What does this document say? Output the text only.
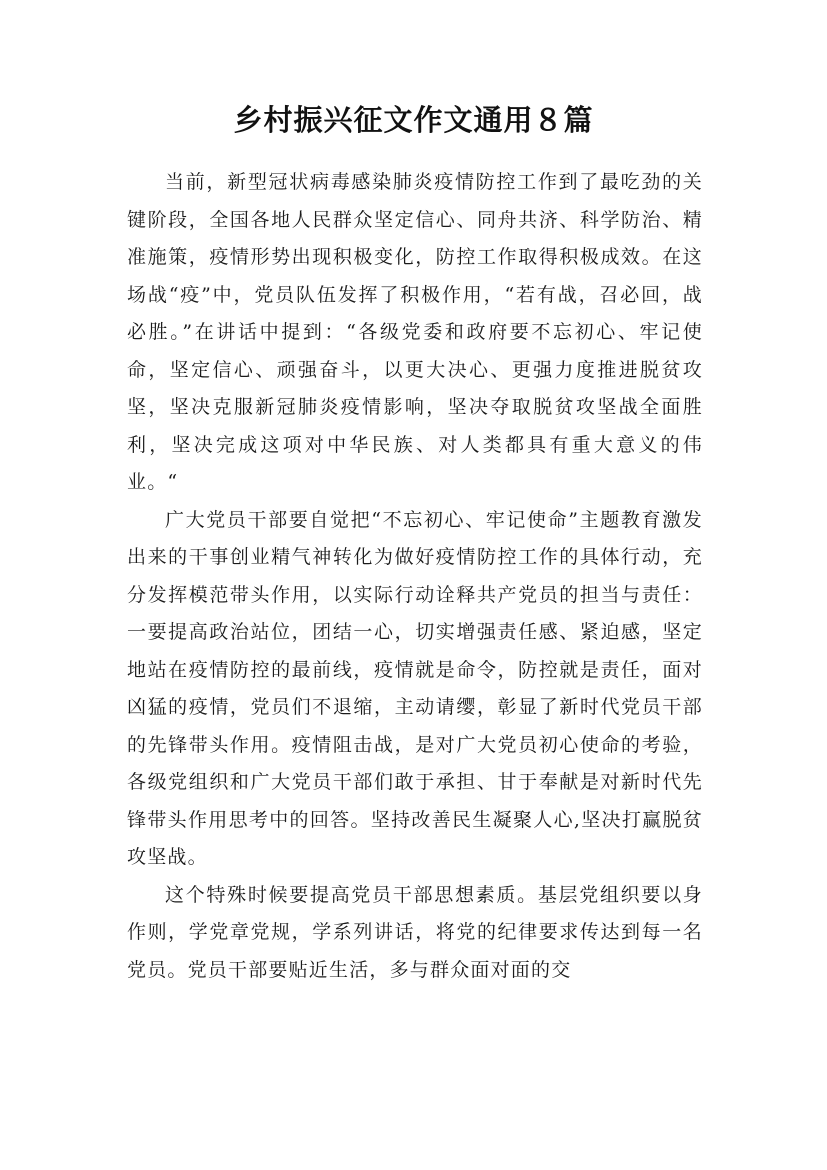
乡村振兴征文作文通用８篇

当前，新型冠状病毒感染肺炎疫情防控工作到了最吃劲的关键阶段，全国各地人民群众坚定信心、同舟共济、科学防治、精准施策，疫情形势出现积极变化，防控工作取得积极成效。在这场战“疫”中，党员队伍发挥了积极作用，“若有战，召必回，战必胜。”在讲话中提到：“各级党委和政府要不忘初心、牢记使命，坚定信心、顽强奋斗，以更大决心、更强力度推进脱贫攻坚，坚决克服新冠肺炎疫情影响，坚决夺取脱贫攻坚战全面胜利，坚决完成这项对中华民族、对人类都具有重大意义的伟业。“

广大党员干部要自觉把“不忘初心、牢记使命”主题教育激发出来的干事创业精气神转化为做好疫情防控工作的具体行动，充分发挥模范带头作用，以实际行动诠释共产党员的担当与责任：一要提高政治站位，团结一心，切实增强责任感、紧迫感，坚定地站在疫情防控的最前线，疫情就是命令，防控就是责任，面对凶猛的疫情，党员们不退缩，主动请缨，彰显了新时代党员干部的先锋带头作用。疫情阻击战，是对广大党员初心使命的考验，各级党组织和广大党员干部们敢于承担、甘于奉献是对新时代先锋带头作用思考中的回答。坚持改善民生凝聚人心,坚决打赢脱贫攻坚战。

这个特殊时候要提高党员干部思想素质。基层党组织要以身作则，学党章党规，学系列讲话，将党的纪律要求传达到每一名党员。党员干部要贴近生活，多与群众面对面的交
